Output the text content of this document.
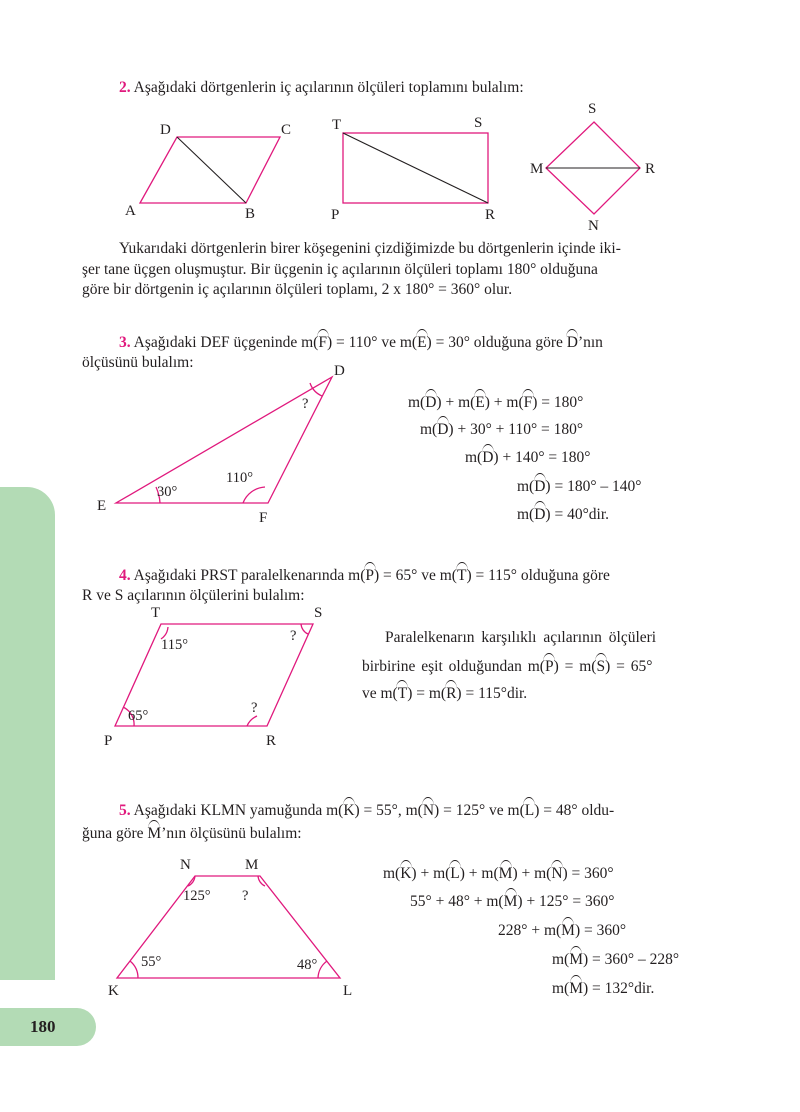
180
2. Aşağıdaki dörtgenlerin iç açılarının ölçüleri toplamını bulalım:
D	C
A	B
T	S
P	R
S
M	R
N
Yukarıdaki dörtgenlerin birer köşegenini çizdiğimizde bu dörtgenlerin içinde iki-
şer tane üçgen oluşmuştur. Bir üçgenin iç açılarının ölçüleri toplamı 180° olduğuna
göre bir dörtgenin iç açılarının ölçüleri toplamı, 2 x 180° = 360° olur.
3. Aşağıdaki DEF üçgeninde m(F) = 110° ve m(E) = 30° olduğuna göre D’nın
ölçüsünü bulalım:	D
E
F
?
110°
30°
m(D) + m(E) + m(F) = 180°
m(D) + 30° + 110° = 180°
m(D) + 140° = 180°
m(D) = 180° – 140°
m(D) = 40°dir.
4. Aşağıdaki PRST paralelkenarında m(P) = 65° ve m(T) = 115° olduğuna göre
R ve S açılarının ölçülerini bulalım:
T	S
P	R
115°
?
65°	?
Paralelkenarın karşılıklı açılarının ölçüleri
birbirine eşit olduğundan m(P) = m(S) = 65°
ve m(T) = m(R) = 115°dir.
5. Aşağıdaki KLMN yamuğunda m(K) = 55°, m(N) = 125° ve m(L) = 48° oldu-
ğuna göre M’nın ölçüsünü bulalım:
N	M
K	L
125° ?
55°	48°
m(K) + m(L) + m(M) + m(N) = 360°
55° + 48° + m(M) + 125° = 360°
228° + m(M) = 360°
m(M) = 360° – 228°
m(M) = 132°dir.
